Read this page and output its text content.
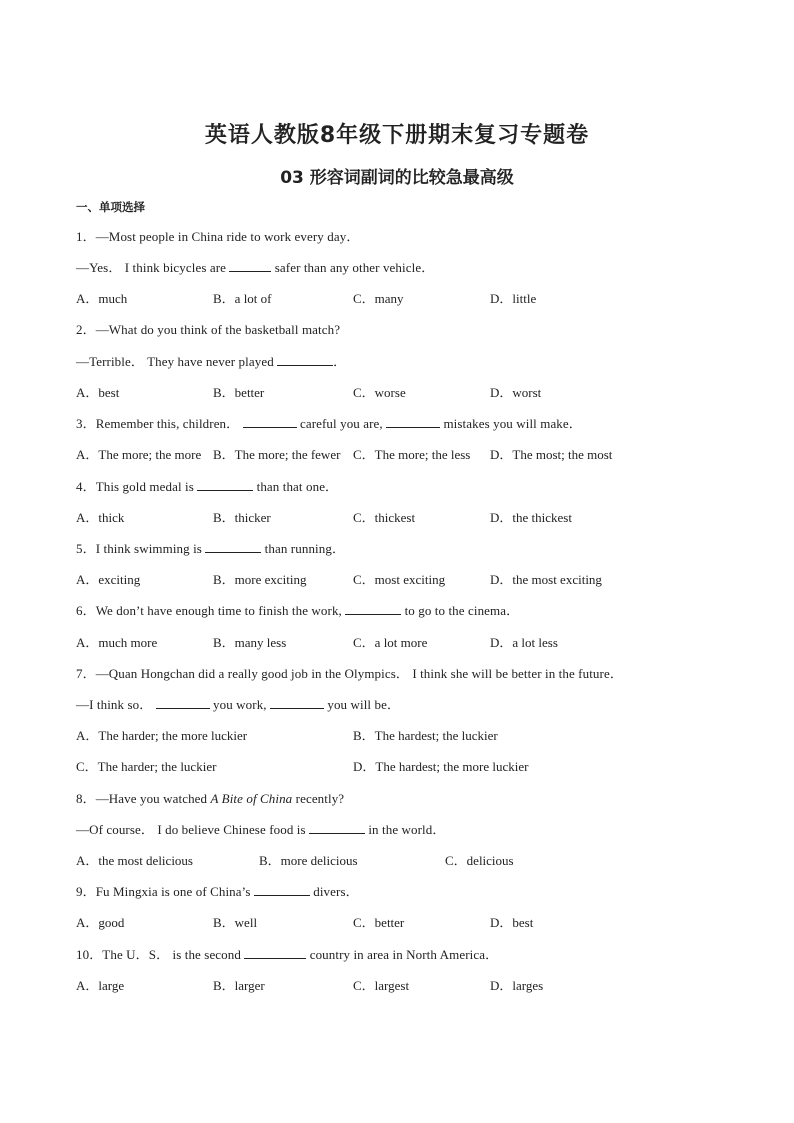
英语人教版8年级下册期末复习专题卷
03 形容词副词的比较急最高级
一、单项选择
1．—Most people in China ride to work every day．
—Yes． I think bicycles are	safer than any other vehicle．
A．much	B．a lot of	C．many	D．little
2．—What do you think of the basketball match?
—Terrible． They have never played	．
A．best	B．better	C．worse	D．worst
3．Remember this, children．	careful you are,	mistakes you will make．
A．The more; the more B．The more; the fewer C．The more; the less D．The most; the most
4．This gold medal is	than that one．
A．thick	B．thicker	C．thickest	D．the thickest
5．I think swimming is	than running．
A．exciting	B．more exciting	C．most exciting	D．the most exciting
6．We don’t have enough time to finish the work,	to go to the cinema．
A．much more	B．many less	C．a lot more	D．a lot less
7．—Quan Hongchan did a really good job in the Olympics． I think she will be better in the future．
—I think so．	you work,	you will be．
A．The harder; the more luckier	B．The hardest; the luckier
C．The harder; the luckier	D．The hardest; the more luckier
8．—Have you watched A Bite of China recently?
—Of course． I do believe Chinese food is	in the world．
A．the most delicious	B．more delicious	C．delicious
9．Fu Mingxia is one of China’s	divers．
A．good	B．well	C．better	D．best
10．The U．S． is the second	country in area in North America．
A．large	B．larger	C．largest	D．larges
